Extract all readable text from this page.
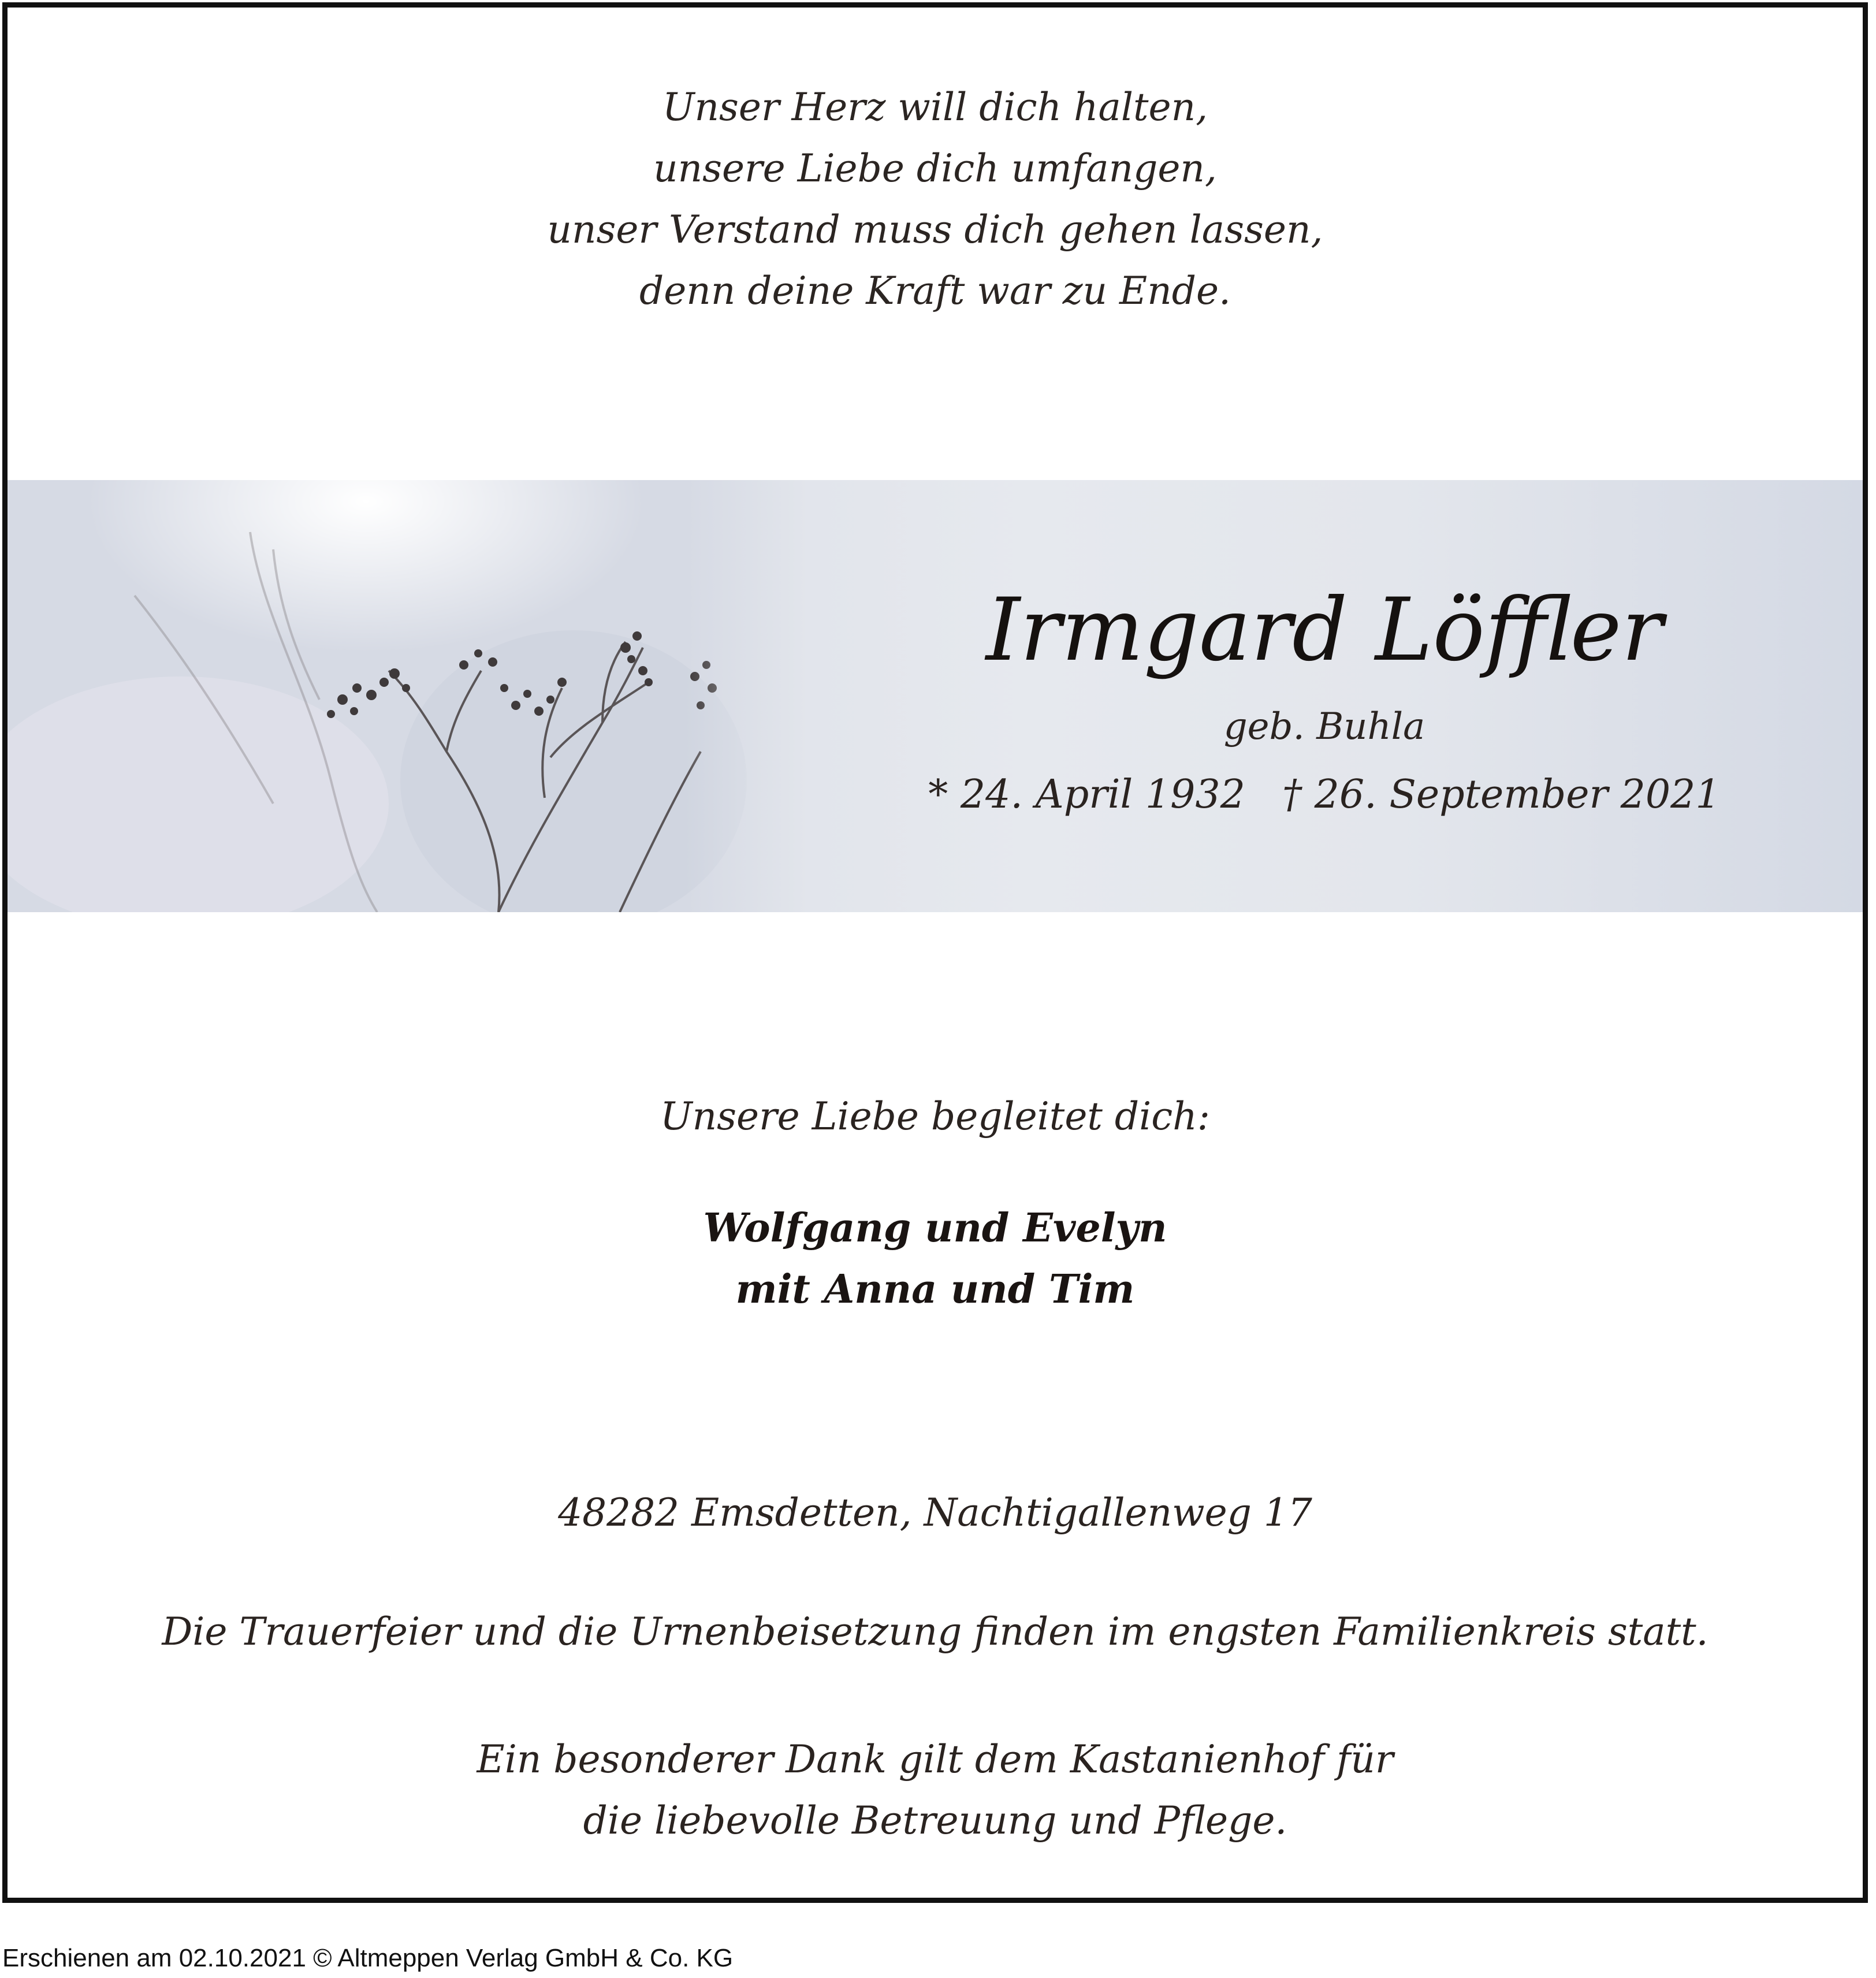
Unser Herz will dich halten,
unsere Liebe dich umfangen,
unser Verstand muss dich gehen lassen,
denn deine Kraft war zu Ende.
Irmgard Löffler
geb. Buhla
* 24. April 1932 † 26. September 2021
Unsere Liebe begleitet dich:
Wolfgang und Evelyn
mit Anna und Tim
48282 Emsdetten, Nachtigallenweg 17
Die Trauerfeier und die Urnenbeisetzung finden im engsten Familienkreis statt.
Ein besonderer Dank gilt dem Kastanienhof für
die liebevolle Betreuung und Pflege.
Erschienen am 02.10.2021 © Altmeppen Verlag GmbH & Co. KG
